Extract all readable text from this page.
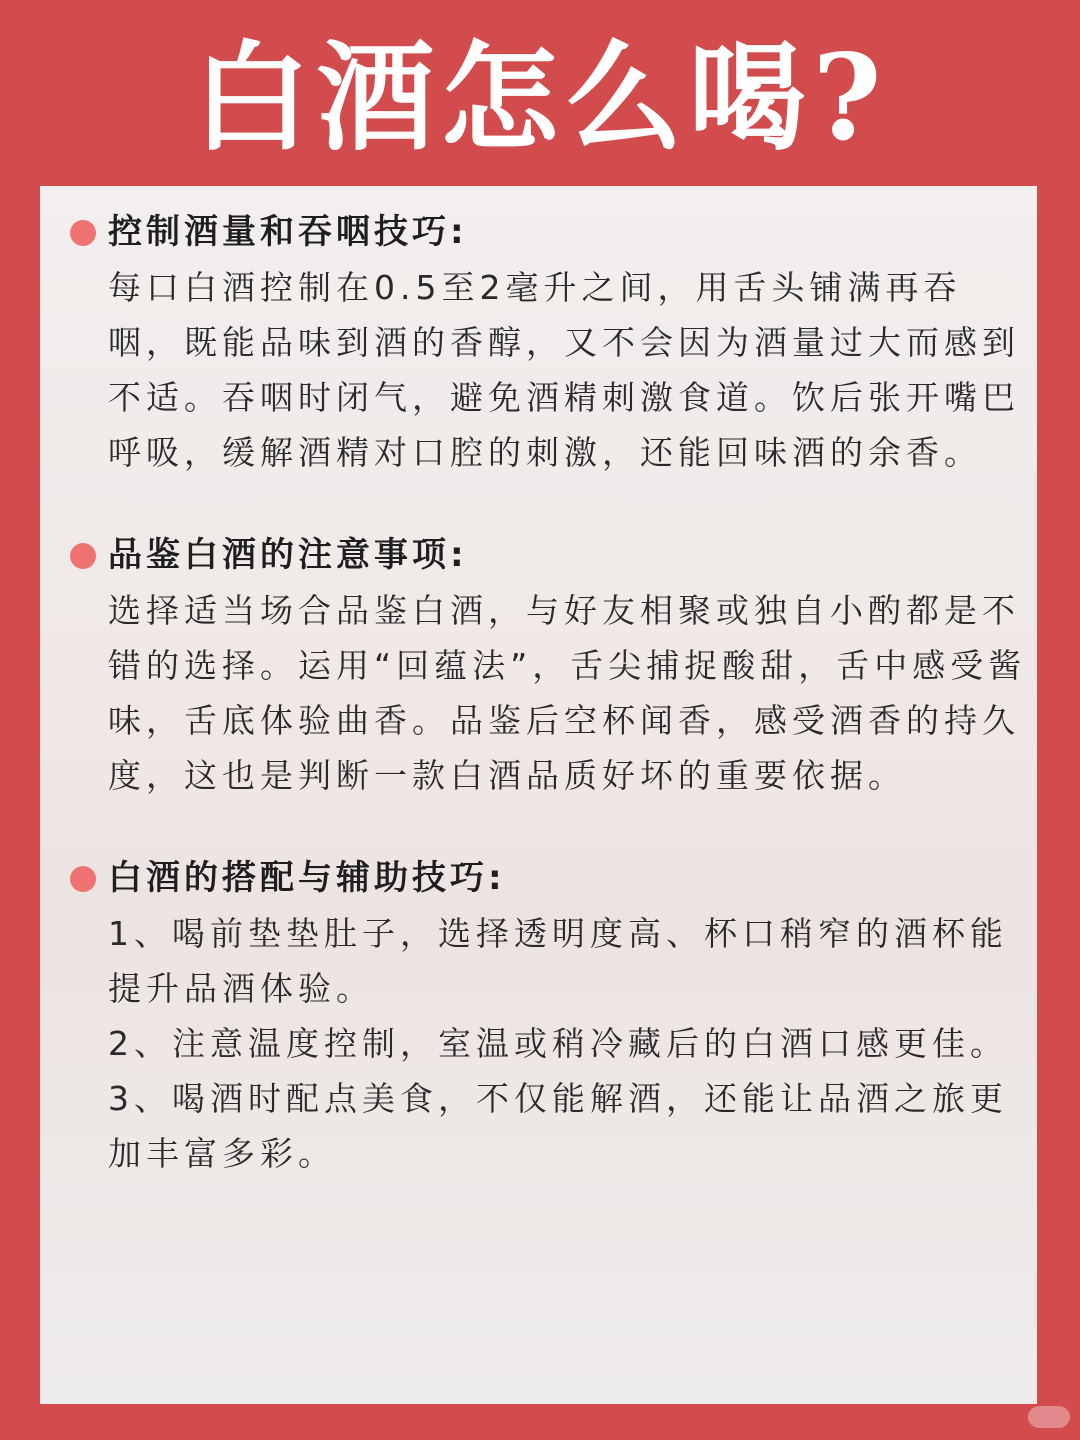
白酒怎么喝?

控制酒量和吞咽技巧:

每口白酒控制在0.5至2毫升之间，用舌头铺满再吞咽，既能品味到酒的香醇，又不会因为酒量过大而感到不适。吞咽时闭气，避免酒精刺激食道。饮后张开嘴巴呼吸，缓解酒精对口腔的刺激，还能回味酒的余香。

品鉴白酒的注意事项:

选择适当场合品鉴白酒，与好友相聚或独自小酌都是不错的选择。运用“回蕴法”，舌尖捕捉酸甜，舌中感受酱味，舌底体验曲香。品鉴后空杯闻香，感受酒香的持久度，这也是判断一款白酒品质好坏的重要依据。

白酒的搭配与辅助技巧:

1、喝前垫垫肚子，选择透明度高、杯口稍窄的酒杯能提升品酒体验。

2、注意温度控制，室温或稍冷藏后的白酒口感更佳。

3、喝酒时配点美食，不仅能解酒，还能让品酒之旅更加丰富多彩。
